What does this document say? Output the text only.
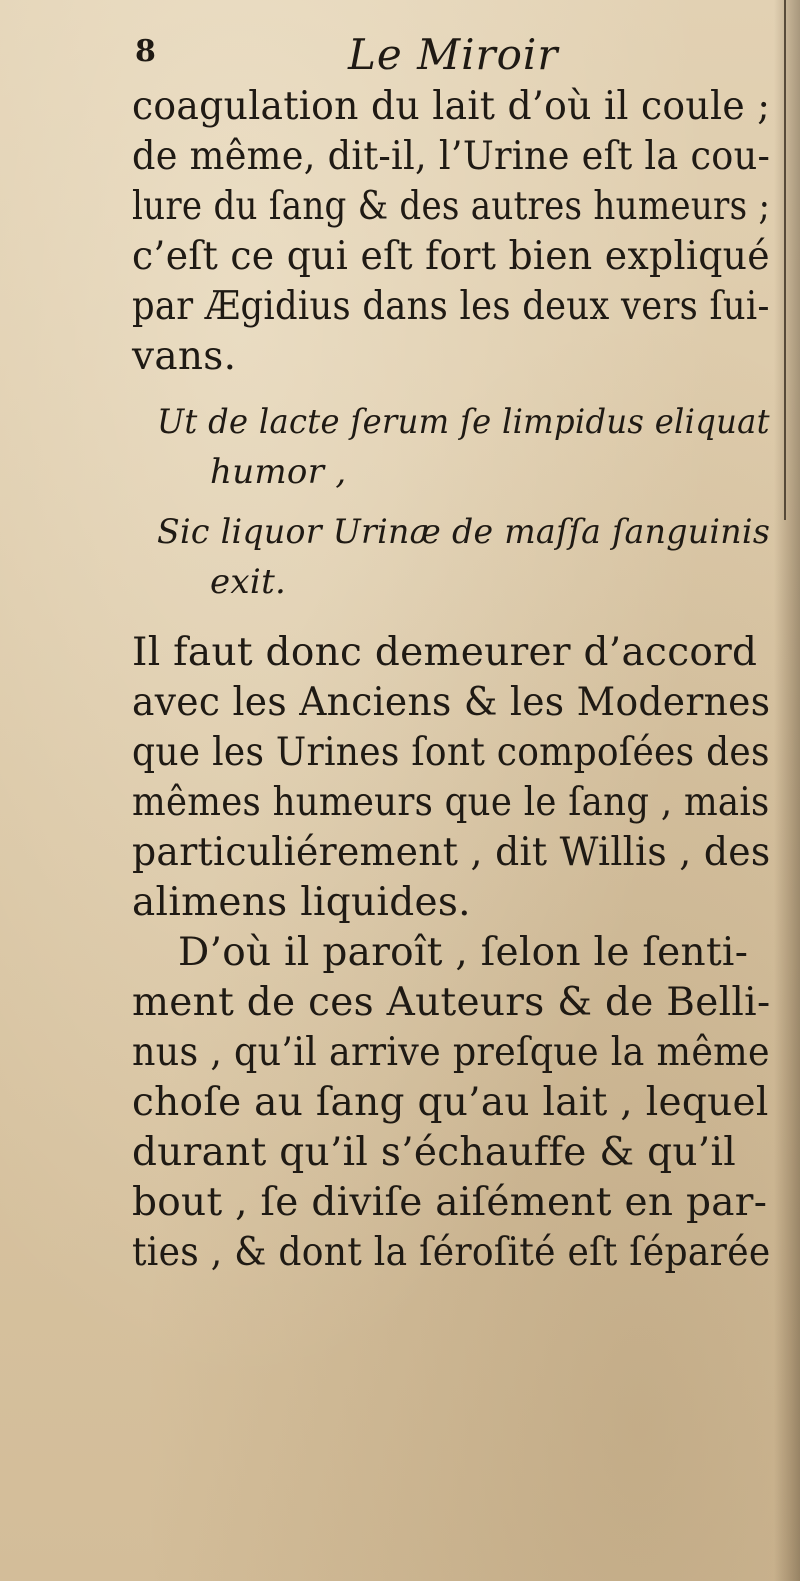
8	Le Miroir
coagulation du lait d’où il coule ;
de même, dit-il, l’Urine eſt la cou-
lure du ſang & des autres humeurs ;
c’eſt ce qui eſt fort bien expliqué
par Ægidius dans les deux vers ſui-
vans.
Ut de lacte ſerum ſe limpidus eliquat
humor ,
Sic liquor Urinæ de maſſa ſanguinis
exit.
Il faut donc demeurer d’accord
avec les Anciens & les Modernes
que les Urines ſont compoſées des
mêmes humeurs que le ſang , mais
particuliérement , dit Willis , des
alimens liquides.
D’où il paroît , ſelon le ſenti-
ment de ces Auteurs & de Belli-
nus , qu’il arrive preſque la même
choſe au ſang qu’au lait , lequel
durant qu’il s’échauffe & qu’il
bout , ſe diviſe aiſément en par-
ties , & dont la ſéroſité eſt ſéparée
